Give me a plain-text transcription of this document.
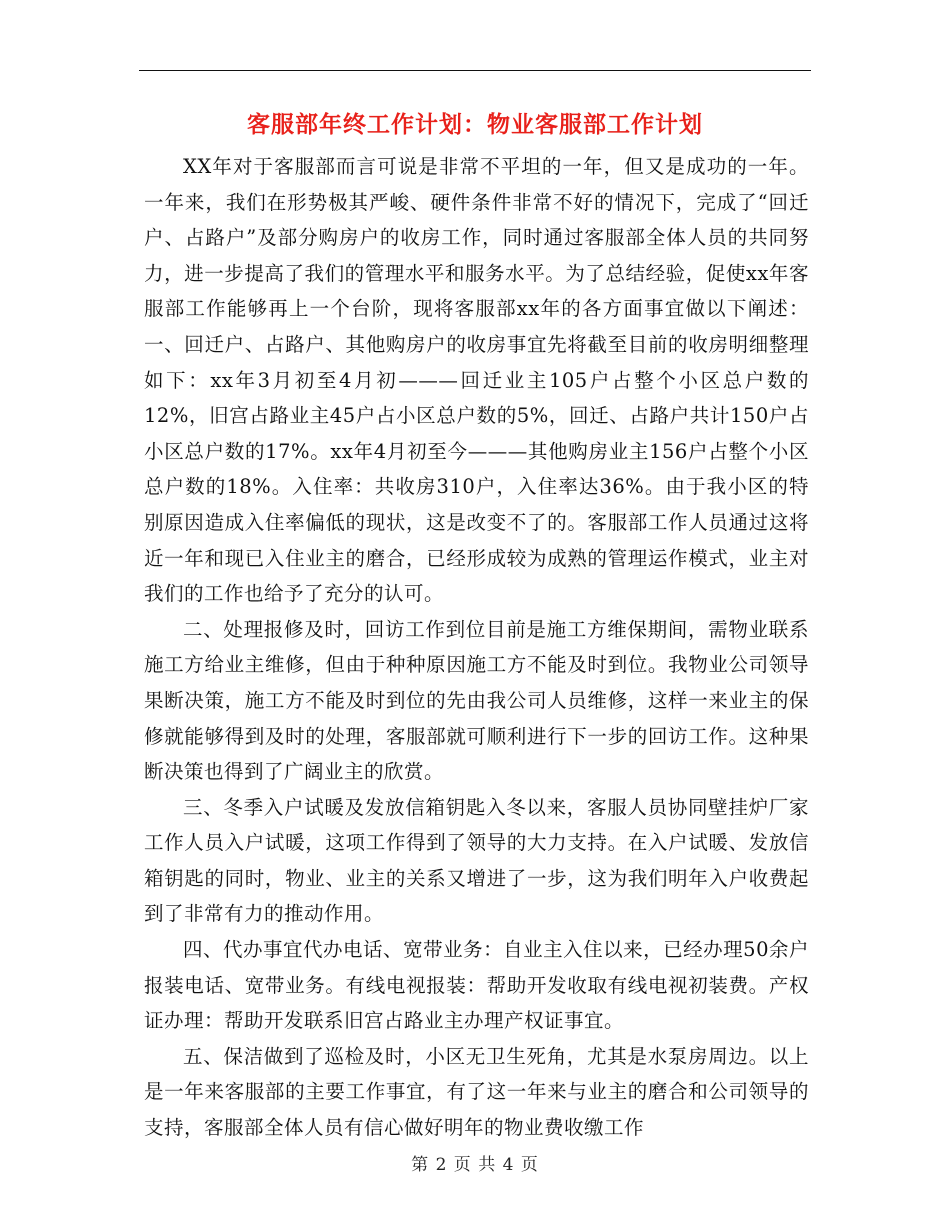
客服部年终工作计划：物业客服部工作计划

XX年对于客服部而言可说是非常不平坦的一年，但又是成功的一年。一年来，我们在形势极其严峻、硬件条件非常不好的情况下，完成了“回迁户、占路户”及部分购房户的收房工作，同时通过客服部全体人员的共同努力，进一步提高了我们的管理水平和服务水平。为了总结经验，促使xx年客服部工作能够再上一个台阶，现将客服部xx年的各方面事宜做以下阐述：一、回迁户、占路户、其他购房户的收房事宜先将截至目前的收房明细整理如下：xx年3月初至4月初———回迁业主105户占整个小区总户数的12%，旧宫占路业主45户占小区总户数的5%，回迁、占路户共计150户占小区总户数的17%。xx年4月初至今———其他购房业主156户占整个小区总户数的18%。入住率：共收房310户，入住率达36%。由于我小区的特别原因造成入住率偏低的现状，这是改变不了的。客服部工作人员通过这将近一年和现已入住业主的磨合，已经形成较为成熟的管理运作模式，业主对我们的工作也给予了充分的认可。

二、处理报修及时，回访工作到位目前是施工方维保期间，需物业联系施工方给业主维修，但由于种种原因施工方不能及时到位。我物业公司领导果断决策，施工方不能及时到位的先由我公司人员维修，这样一来业主的保修就能够得到及时的处理，客服部就可顺利进行下一步的回访工作。这种果断决策也得到了广阔业主的欣赏。

三、冬季入户试暖及发放信箱钥匙入冬以来，客服人员协同壁挂炉厂家工作人员入户试暖，这项工作得到了领导的大力支持。在入户试暖、发放信箱钥匙的同时，物业、业主的关系又增进了一步，这为我们明年入户收费起到了非常有力的推动作用。

四、代办事宜代办电话、宽带业务：自业主入住以来，已经办理50余户报装电话、宽带业务。有线电视报装：帮助开发收取有线电视初装费。产权证办理：帮助开发联系旧宫占路业主办理产权证事宜。

五、保洁做到了巡检及时，小区无卫生死角，尤其是水泵房周边。以上是一年来客服部的主要工作事宜，有了这一年来与业主的磨合和公司领导的支持，客服部全体人员有信心做好明年的物业费收缴工作

第 2 页 共 4 页
